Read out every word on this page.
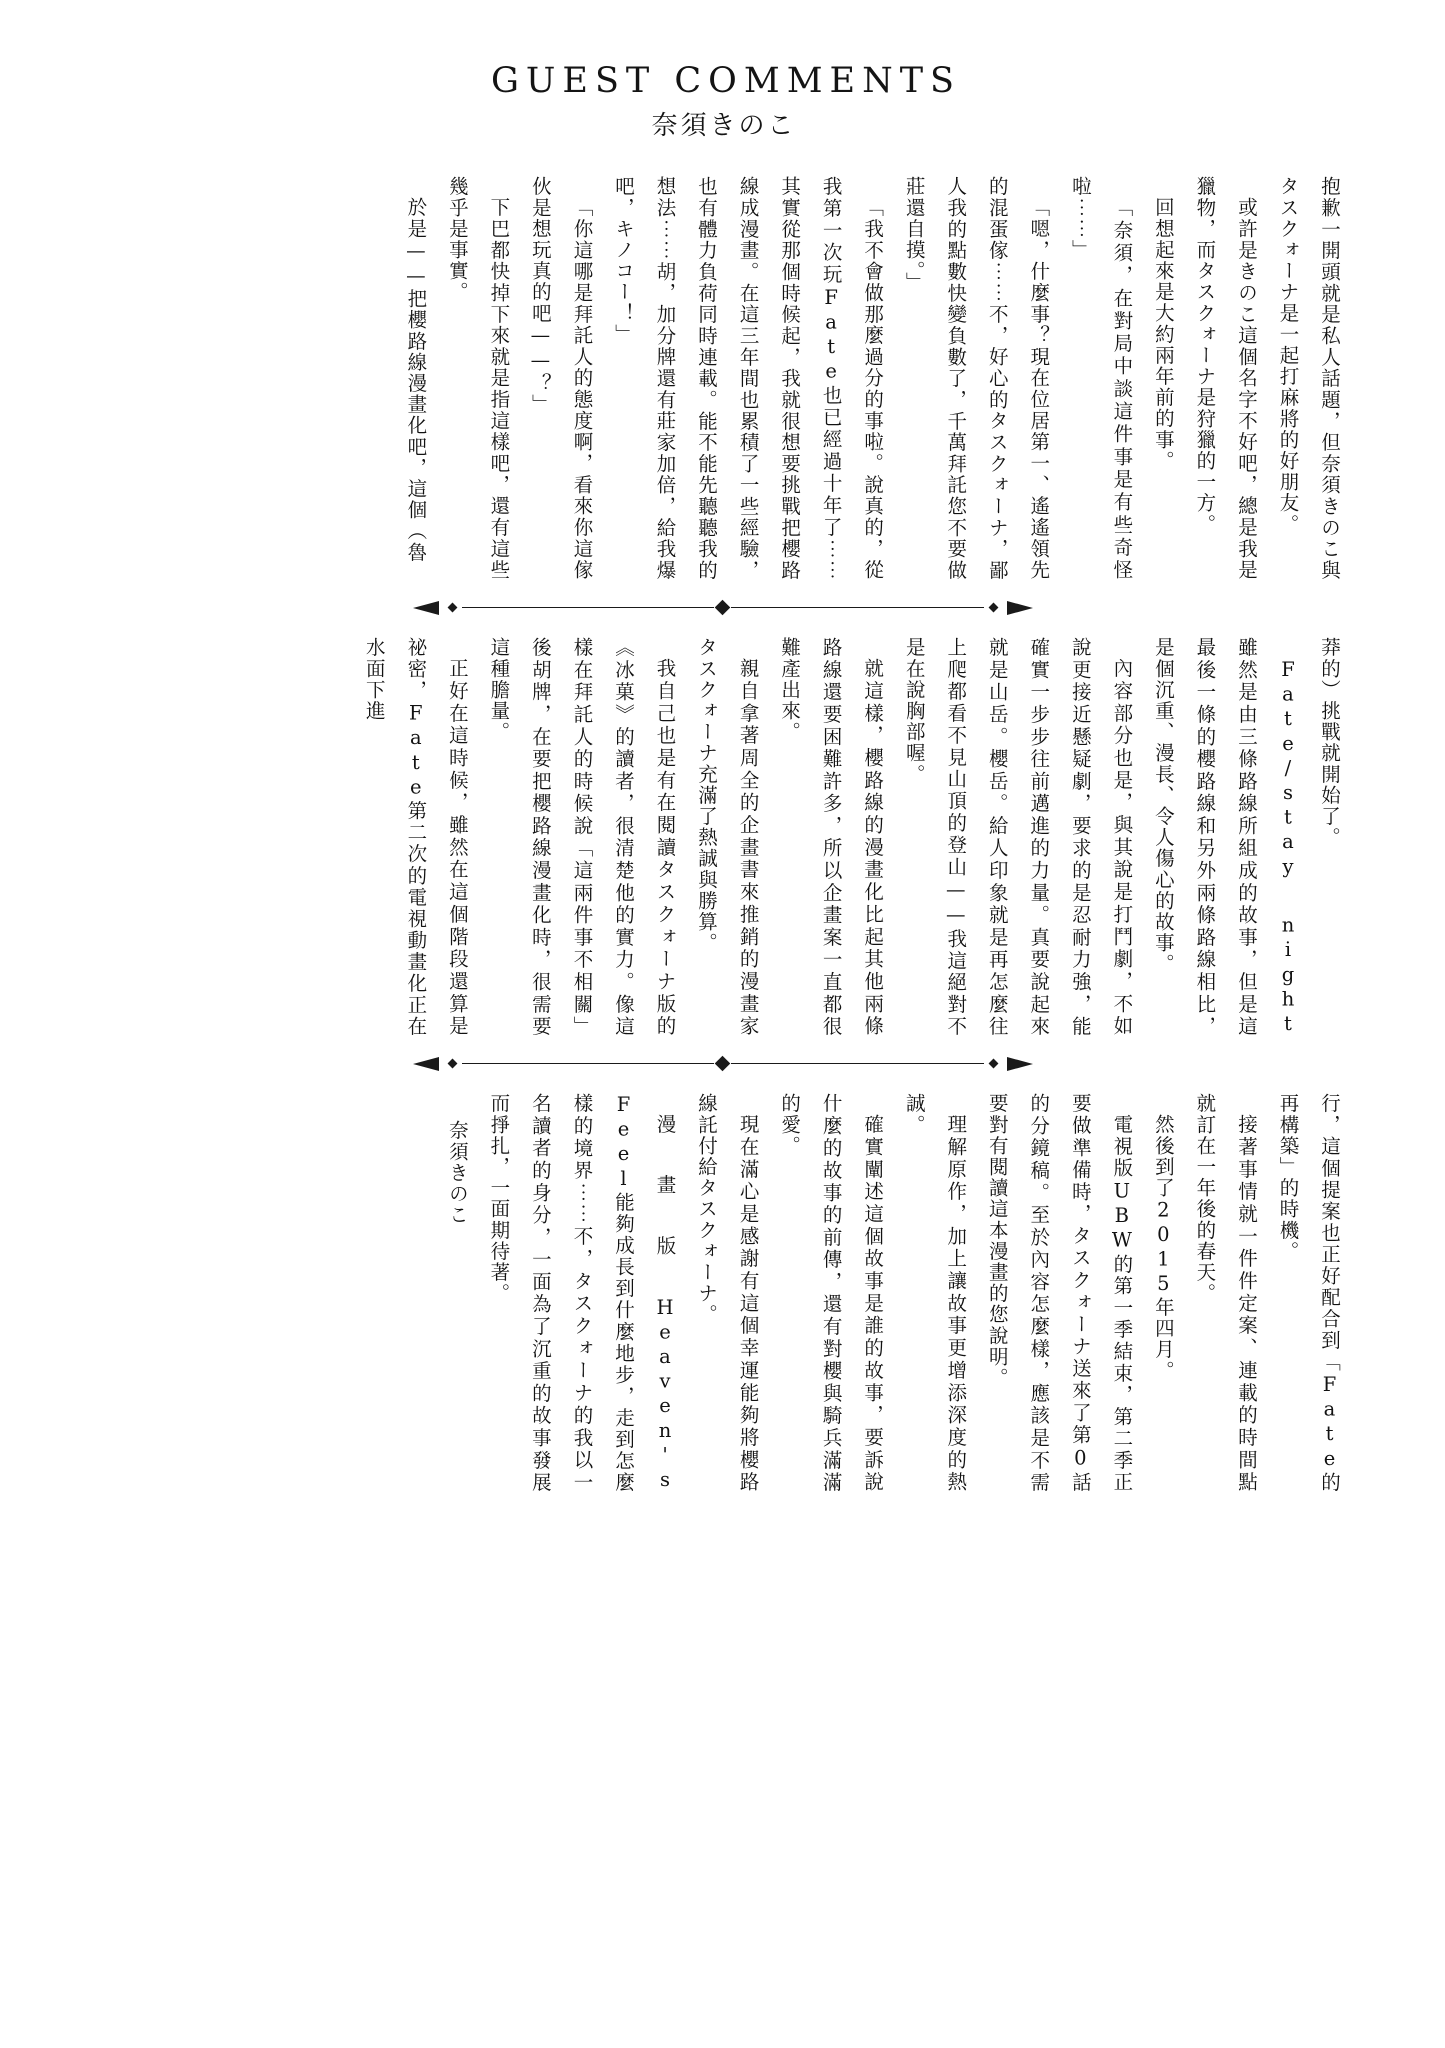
GUEST COMMENTS
奈須きのこ

抱歉一開頭就是私人話題，但奈須きのこ與タスクォーナ是一起打麻將的好朋友。

或許是きのこ這個名字不好吧，總是我是獵物，而タスクォーナ是狩獵的一方。

回想起來是大約兩年前的事。

「奈須，在對局中談這件事是有些奇怪啦⋯⋯」

「嗯，什麼事？現在位居第一、遙遙領先的混蛋傢⋯⋯不，好心的タスクォーナ，鄙人我的點數快變負數了，千萬拜託您不要做莊還自摸。」

「我不會做那麼過分的事啦。說真的，從我第一次玩Fate也已經過十年了⋯⋯其實從那個時候起，我就很想要挑戰把櫻路線成漫畫。在這三年間也累積了一些經驗，也有體力負荷同時連載。能不能先聽聽我的想法⋯⋯胡，加分牌還有莊家加倍，給我爆吧，キノコー！」

「你這哪是拜託人的態度啊，看來你這傢伙是想玩真的吧——？」

下巴都快掉下來就是指這樣吧，還有這些幾乎是事實。

於是——把櫻路線漫畫化吧，這個（魯

莽的）挑戰就開始了。

Fate/stay night雖然是由三條路線所組成的故事，但是這最後一條的櫻路線和另外兩條路線相比，是個沉重、漫長、令人傷心的故事。

內容部分也是，與其說是打鬥劇，不如說更接近懸疑劇，要求的是忍耐力強，能確實一步步往前邁進的力量。真要說起來就是山岳。櫻岳。給人印象就是再怎麼往上爬都看不見山頂的登山——我這絕對不是在說胸部喔。

就這樣，櫻路線的漫畫化比起其他兩條路線還要困難許多，所以企畫案一直都很難產出來。

親自拿著周全的企畫書來推銷的漫畫家タスクォーナ充滿了熱誠與勝算。

我自己也是有在閱讀タスクォーナ版的《冰菓》的讀者，很清楚他的實力。像這樣在拜託人的時候說「這兩件事不相關」後胡牌，在要把櫻路線漫畫化時，很需要這種膽量。

正好在這時候，雖然在這個階段還算是祕密，Fate第二次的電視動畫化正在水面下進

行，這個提案也正好配合到「Fate的再構築」的時機。

接著事情就一件件定案、連載的時間點就訂在一年後的春天。

然後到了2015年四月。

電視版UBW的第一季結束，第二季正要做準備時，タスクォーナ送來了第0話的分鏡稿。至於內容怎麼樣，應該是不需要對有閱讀這本漫畫的您說明。

理解原作，加上讓故事更增添深度的熱誠。

確實闡述這個故事是誰的故事，要訴說什麼的故事的前傳，還有對櫻與騎兵滿滿的愛。

現在滿心是感謝有這個幸運能夠將櫻路線託付給タスクォーナ。

漫畫版Heaven's Feel能夠成長到什麼地步，走到怎麼樣的境界⋯⋯不，タスクォーナ的我以一名讀者的身分，一面為了沉重的故事發展而掙扎，一面期待著。

奈須きのこ
